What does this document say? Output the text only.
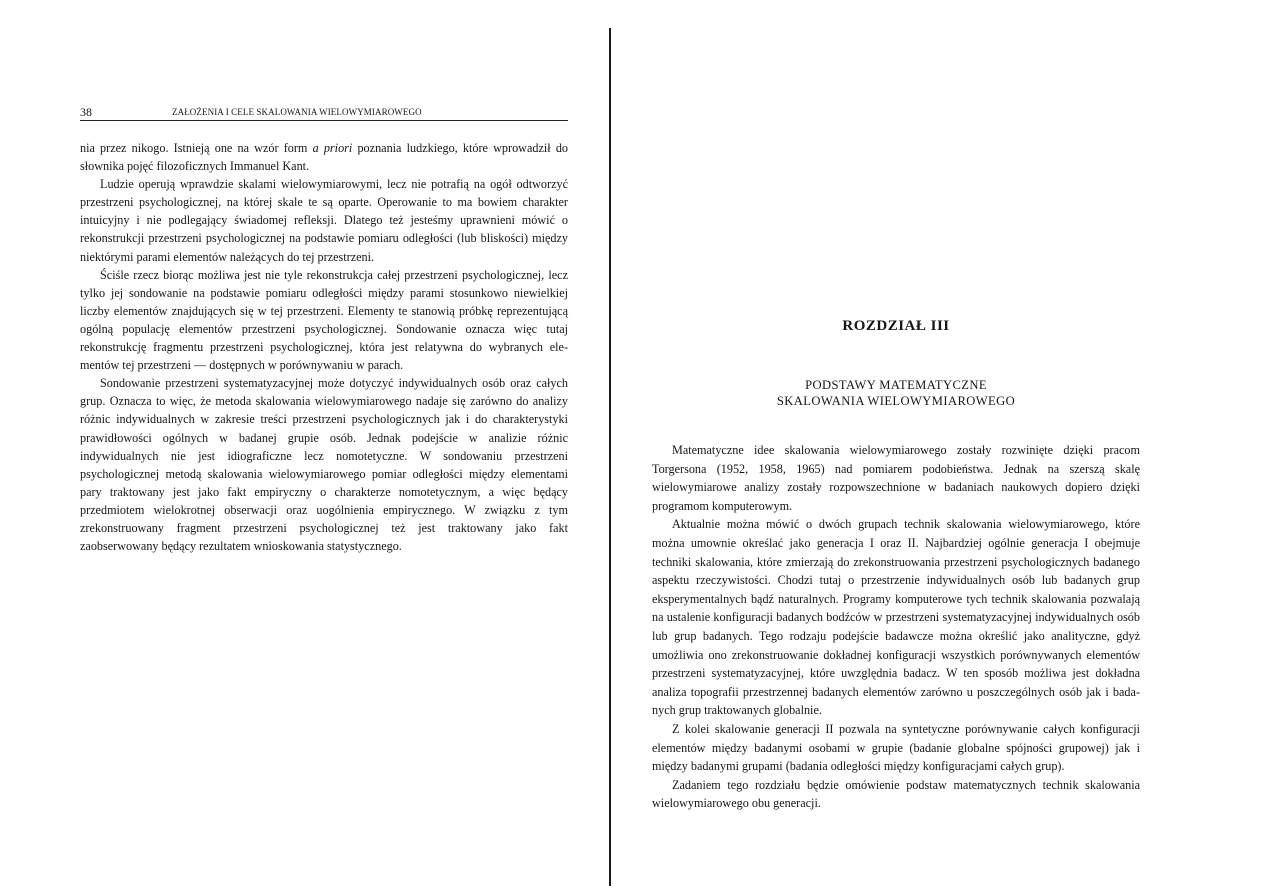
38	ZAŁOŻENIA I CELE SKALOWANIA WIELOWYMIAROWEGO

nia przez nikogo. Istnieją one na wzór form a priori poznania ludzkiego, które wprowadził do słownika pojęć filozoficznych Immanuel Kant.

Ludzie operują wprawdzie skalami wielowymiarowymi, lecz nie potrafią na ogół odtworzyć przestrzeni psychologicznej, na której skale te są oparte. Operowanie to ma bowiem charakter intuicyjny i nie podlegający świadomej refleksji. Dlatego też jesteśmy uprawnieni mówić o rekonstrukcji przestrzeni psychologicznej na podstawie pomiaru odległości (lub bliskości) między niektórymi parami elementów należących do tej przestrzeni.

Ściśle rzecz biorąc możliwa jest nie tyle rekonstrukcja całej przestrzeni psychologicznej, lecz tylko jej sondowanie na podstawie pomiaru odległości między parami stosunkowo niewielkiej liczby elementów znajdujących się w tej przestrzeni. Elementy te stanowią próbkę reprezentującą ogólną populację elementów przestrzeni psychologicznej. Sondowanie oznacza więc tutaj rekonstrukcję fragmentu przestrzeni psychologicznej, która jest relatywna do wybranych elementów tej przestrzeni — dostępnych w porównywaniu w parach.

Sondowanie przestrzeni systematyzacyjnej może dotyczyć indywidualnych osób oraz całych grup. Oznacza to więc, że metoda skalowania wielowymiarowego nadaje się zarówno do analizy różnic indywidualnych w zakresie treści przestrzeni psychologicznych jak i do charakterystyki prawidłowości ogólnych w badanej grupie osób. Jednak podejście w analizie różnic indywidualnych nie jest idiograficzne lecz nomotetyczne. W sondowaniu przestrzeni psychologicznej metodą skalowania wielowymiarowego pomiar odległości między elementami pary traktowany jest jako fakt empiryczny o charakterze nomotetycznym, a więc będący przedmiotem wielokrotnej obserwacji oraz uogólnienia empirycznego. W związku z tym zrekonstruowany fragment przestrzeni psychologicznej też jest traktowany jako fakt zaobserwowany będący rezultatem wnioskowania statystycznego.

ROZDZIAŁ III
PODSTAWY MATEMATYCZNE
SKALOWANIA WIELOWYMIAROWEGO

Matematyczne idee skalowania wielowymiarowego zostały rozwinięte dzięki pracom Torgersona (1952, 1958, 1965) nad pomiarem podobieństwa. Jednak na szerszą skalę wielowymiarowe analizy zostały rozpowszechnione w badaniach naukowych dopiero dzięki programom komputerowym.

Aktualnie można mówić o dwóch grupach technik skalowania wielowymiarowego, które można umownie określać jako generacja I oraz II. Najbardziej ogólnie generacja I obejmuje techniki skalowania, które zmierzają do zrekonstruowania przestrzeni psychologicznych badanego aspektu rzeczywistości. Chodzi tutaj o przestrzenie indywidualnych osób lub badanych grup eksperymentalnych bądź naturalnych. Programy komputerowe tych technik skalowania pozwalają na ustalenie konfiguracji badanych bodźców w przestrzeni systematyzacyjnej indywidualnych osób lub grup badanych. Tego rodzaju podejście badawcze można określić jako analityczne, gdyż umożliwia ono zrekonstruowanie dokładnej konfiguracji wszystkich porównywanych elementów przestrzeni systematyzacyjnej, które uwzględnia badacz. W ten sposób możliwa jest dokładna analiza topografii przestrzennej badanych elementów zarówno u poszczególnych osób jak i badanych grup traktowanych globalnie.

Z kolei skalowanie generacji II pozwala na syntetyczne porównywanie całych konfiguracji elementów między badanymi osobami w grupie (badanie globalne spójności grupowej) jak i między badanymi grupami (badania odległości między konfiguracjami całych grup).

Zadaniem tego rozdziału będzie omówienie podstaw matematycznych technik skalowania wielowymiarowego obu generacji.
